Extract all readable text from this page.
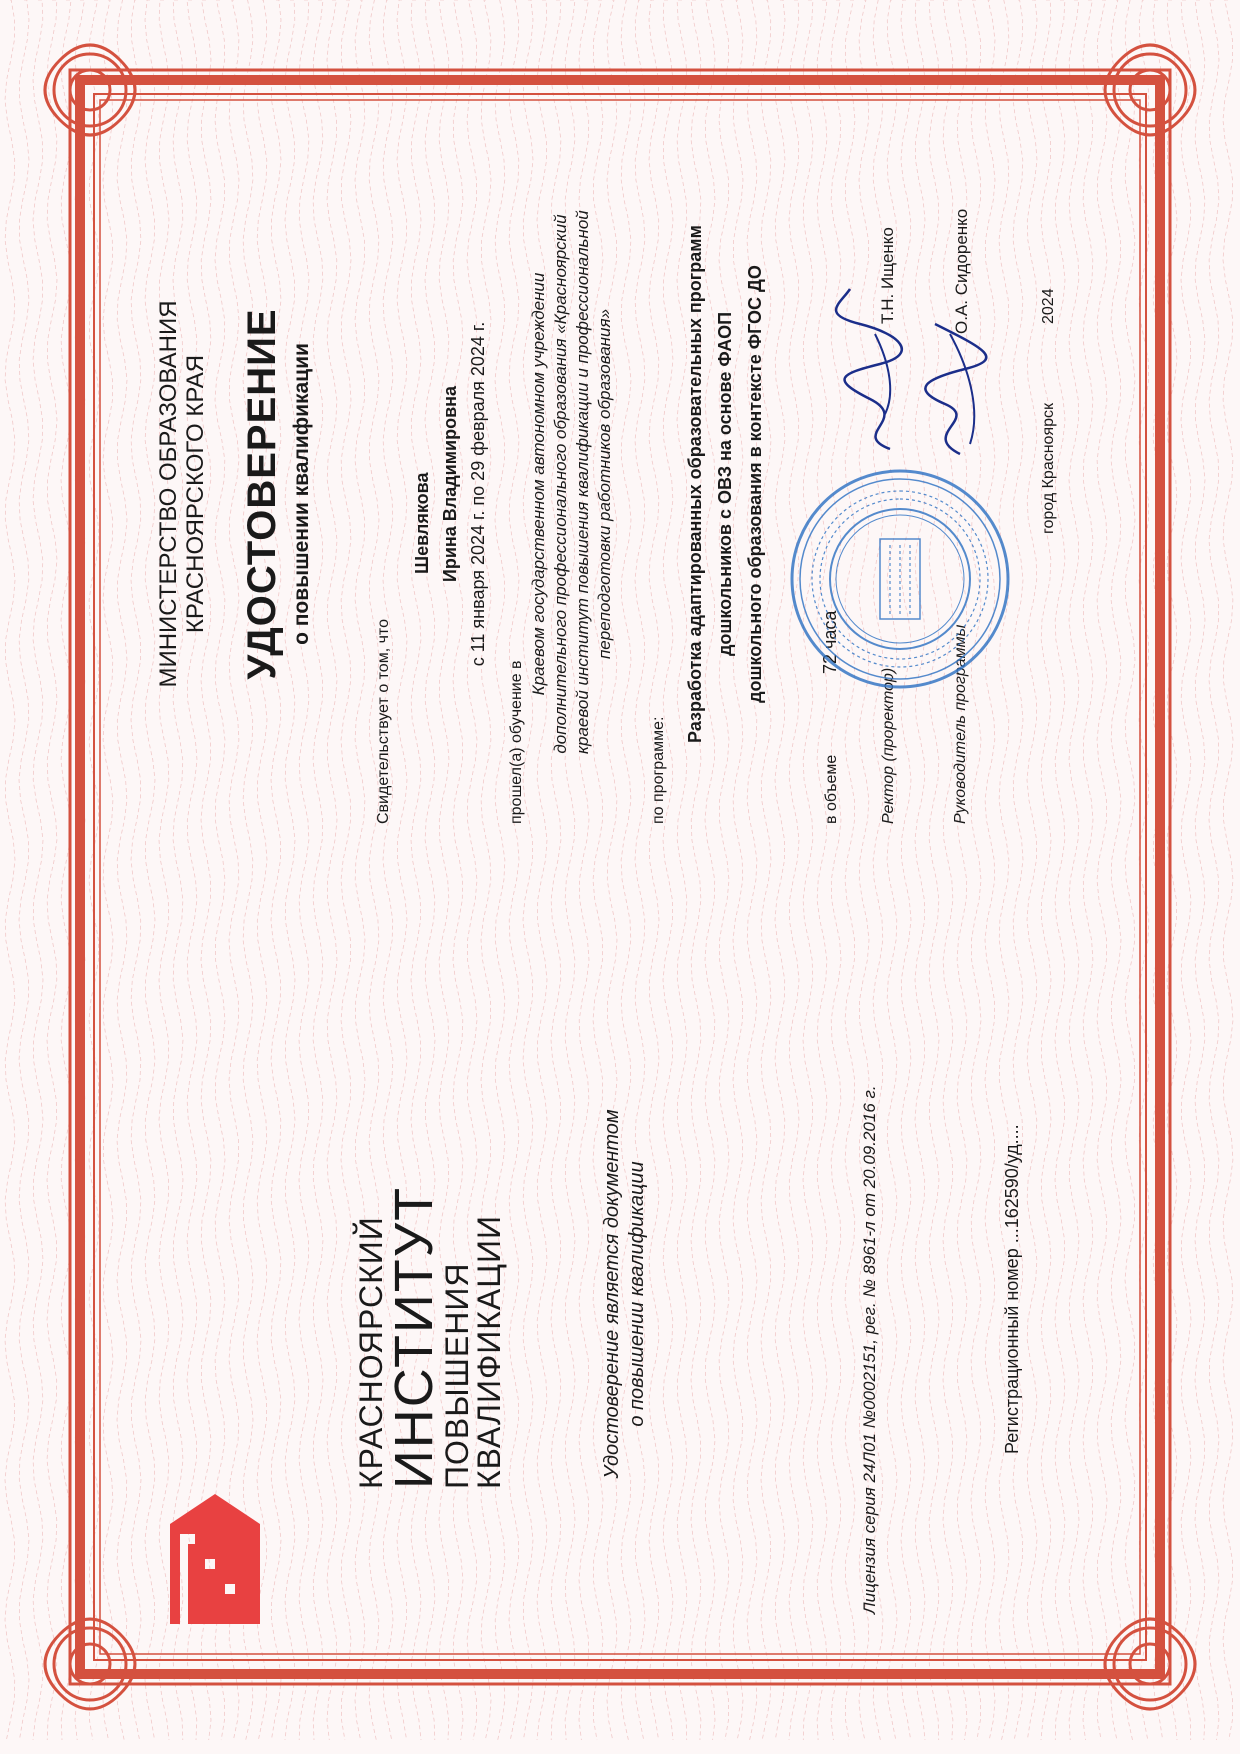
КРАСНОЯРСКИЙ
ИНСТИТУТ
ПОВЫШЕНИЯ
КВАЛИФИКАЦИИ	Удостоверение является документом о повышении квалификации	Лицензия серия 24Л01 №0002151, рег. № 8961-л от 20.09.2016 г.	Регистрационный номер ...162590/уд....
МИНИСТЕРСТВО ОБРАЗОВАНИЯ КРАСНОЯРСКОГО КРАЯ УДОСТОВЕРЕНИЕ о повышении квалификации
Свидетельствует о том, что
Шевлякова Ирина Владимировна с 11 января 2024 г. по 29 февраля 2024 г.
прошел(а) обучение в
Краевом государственном автономном учреждении дополнительного профессионального образования «Красноярский краевой институт повышения квалификации и профессиональной переподготовки работников образования»
по программе:
Разработка адаптированных образовательных программ дошкольников с ОВЗ на основе ФАОП дошкольного образования в контексте ФГОС ДО
в объеме
72 часа
Ректор (проректор)
Т.Н. Ищенко
Руководитель программы
О.А. Сидоренко
город Красноярск
2024
